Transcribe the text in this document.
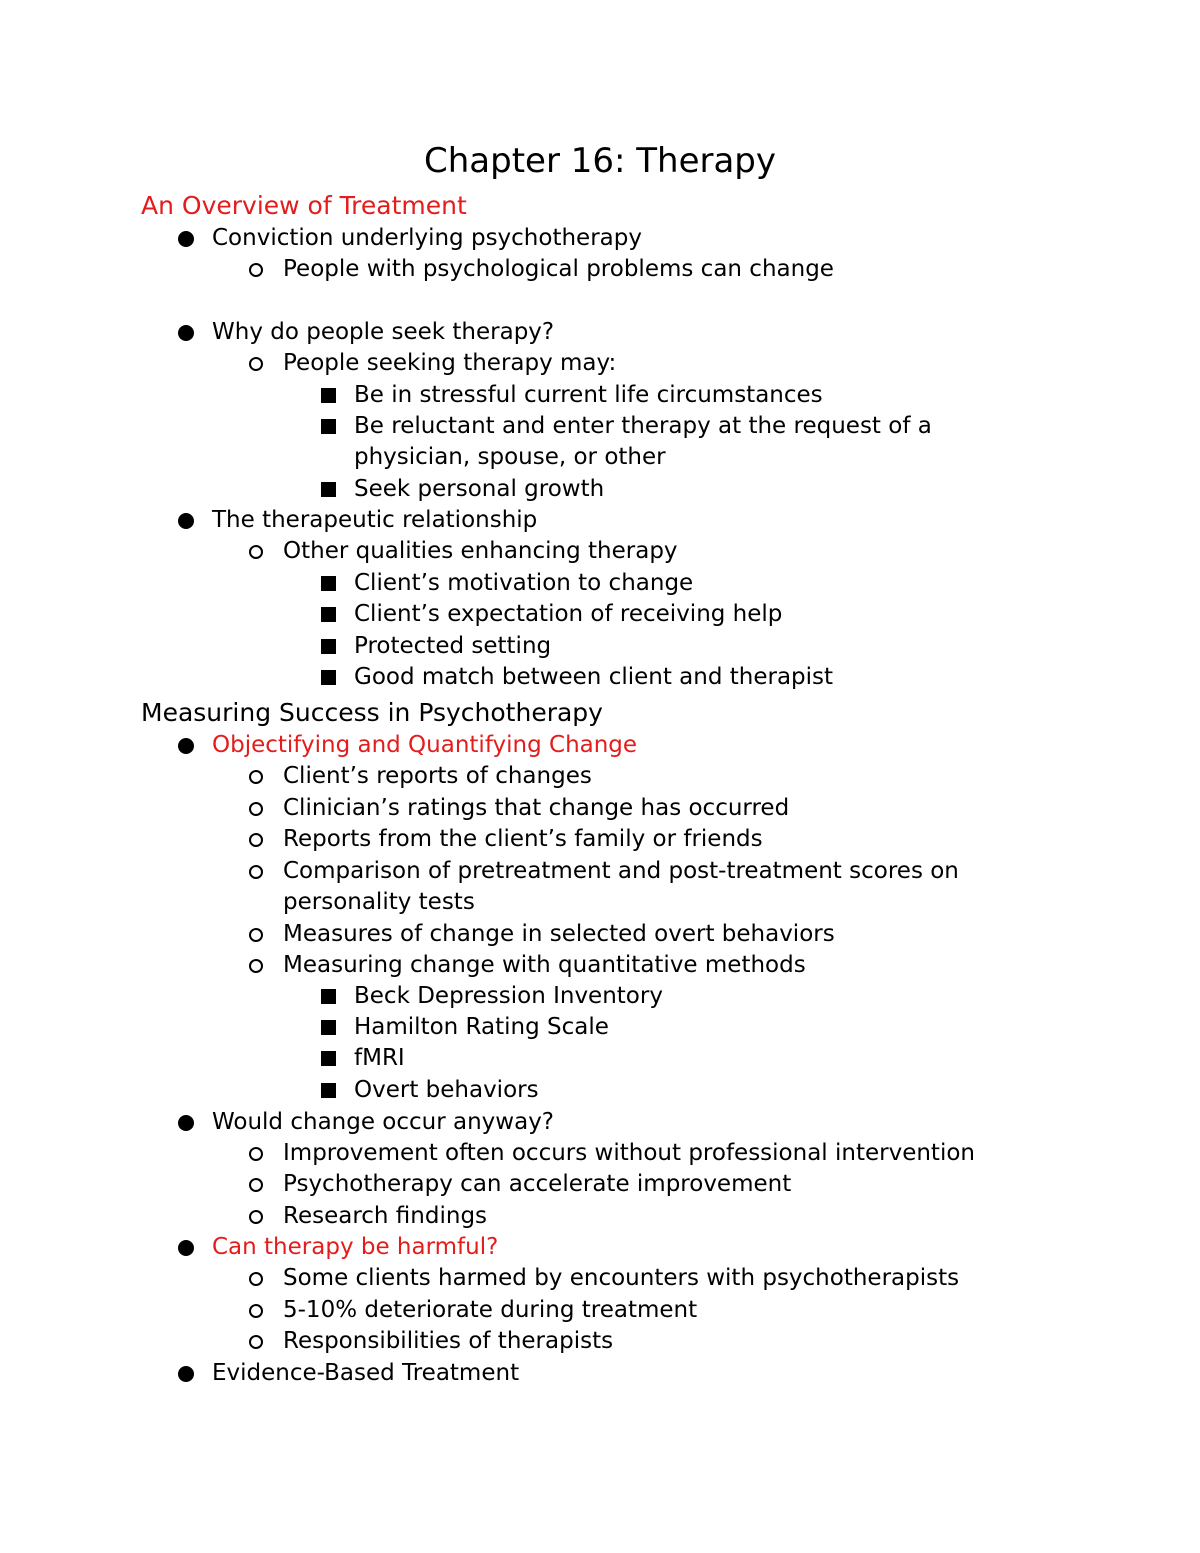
Chapter 16: Therapy
An Overview of Treatment
Conviction underlying psychotherapy
People with psychological problems can change
Why do people seek therapy?
People seeking therapy may:
Be in stressful current life circumstances
Be reluctant and enter therapy at the request of a
physician, spouse, or other
Seek personal growth
The therapeutic relationship
Other qualities enhancing therapy
Client’s motivation to change
Client’s expectation of receiving help
Protected setting
Good match between client and therapist
Measuring Success in Psychotherapy
Objectifying and Quantifying Change
Client’s reports of changes
Clinician’s ratings that change has occurred
Reports from the client’s family or friends
Comparison of pretreatment and post-treatment scores on
personality tests
Measures of change in selected overt behaviors
Measuring change with quantitative methods
Beck Depression Inventory
Hamilton Rating Scale
fMRI
Overt behaviors
Would change occur anyway?
Improvement often occurs without professional intervention
Psychotherapy can accelerate improvement
Research findings
Can therapy be harmful?
Some clients harmed by encounters with psychotherapists
5-10% deteriorate during treatment
Responsibilities of therapists
Evidence-Based Treatment
